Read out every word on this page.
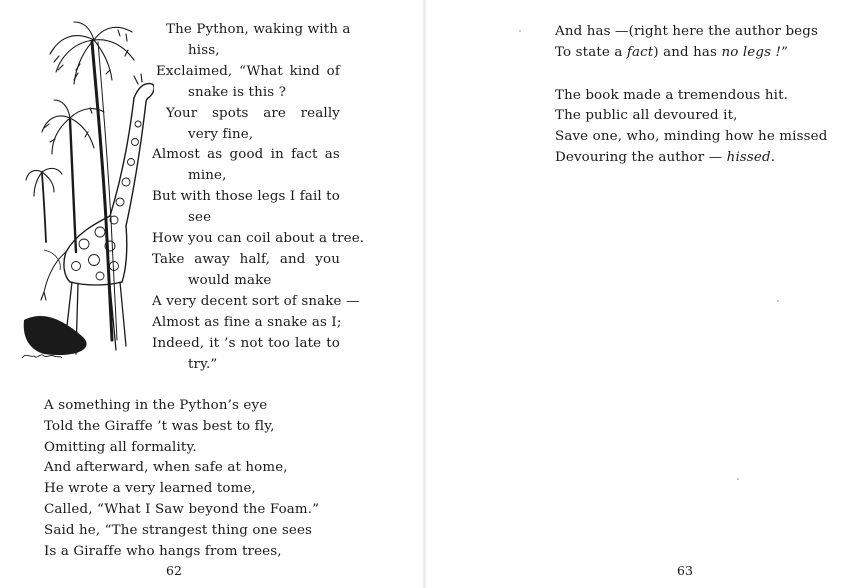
The Python, waking with a
hiss,
Exclaimed, “What kind of
snake is this ?
Your spots are really
very fine,
Almost as good in fact as
mine,
But with those legs I fail to
see
How you can coil about a tree.
Take away half, and you
would make
A very decent sort of snake —
Almost as fine a snake as I;
Indeed, it ’s not too late to
try.”
A something in the Python’s eye
Told the Giraffe ’t was best to fly,
Omitting all formality.
And afterward, when safe at home,
He wrote a very learned tome,
Called, “What I Saw beyond the Foam.”
Said he, “The strangest thing one sees
Is a Giraffe who hangs from trees,
62
And has —(right here the author begs
To state a fact) and has no legs !”
The book made a tremendous hit.
The public all devoured it,
Save one, who, minding how he missed
Devouring the author — hissed.
63
